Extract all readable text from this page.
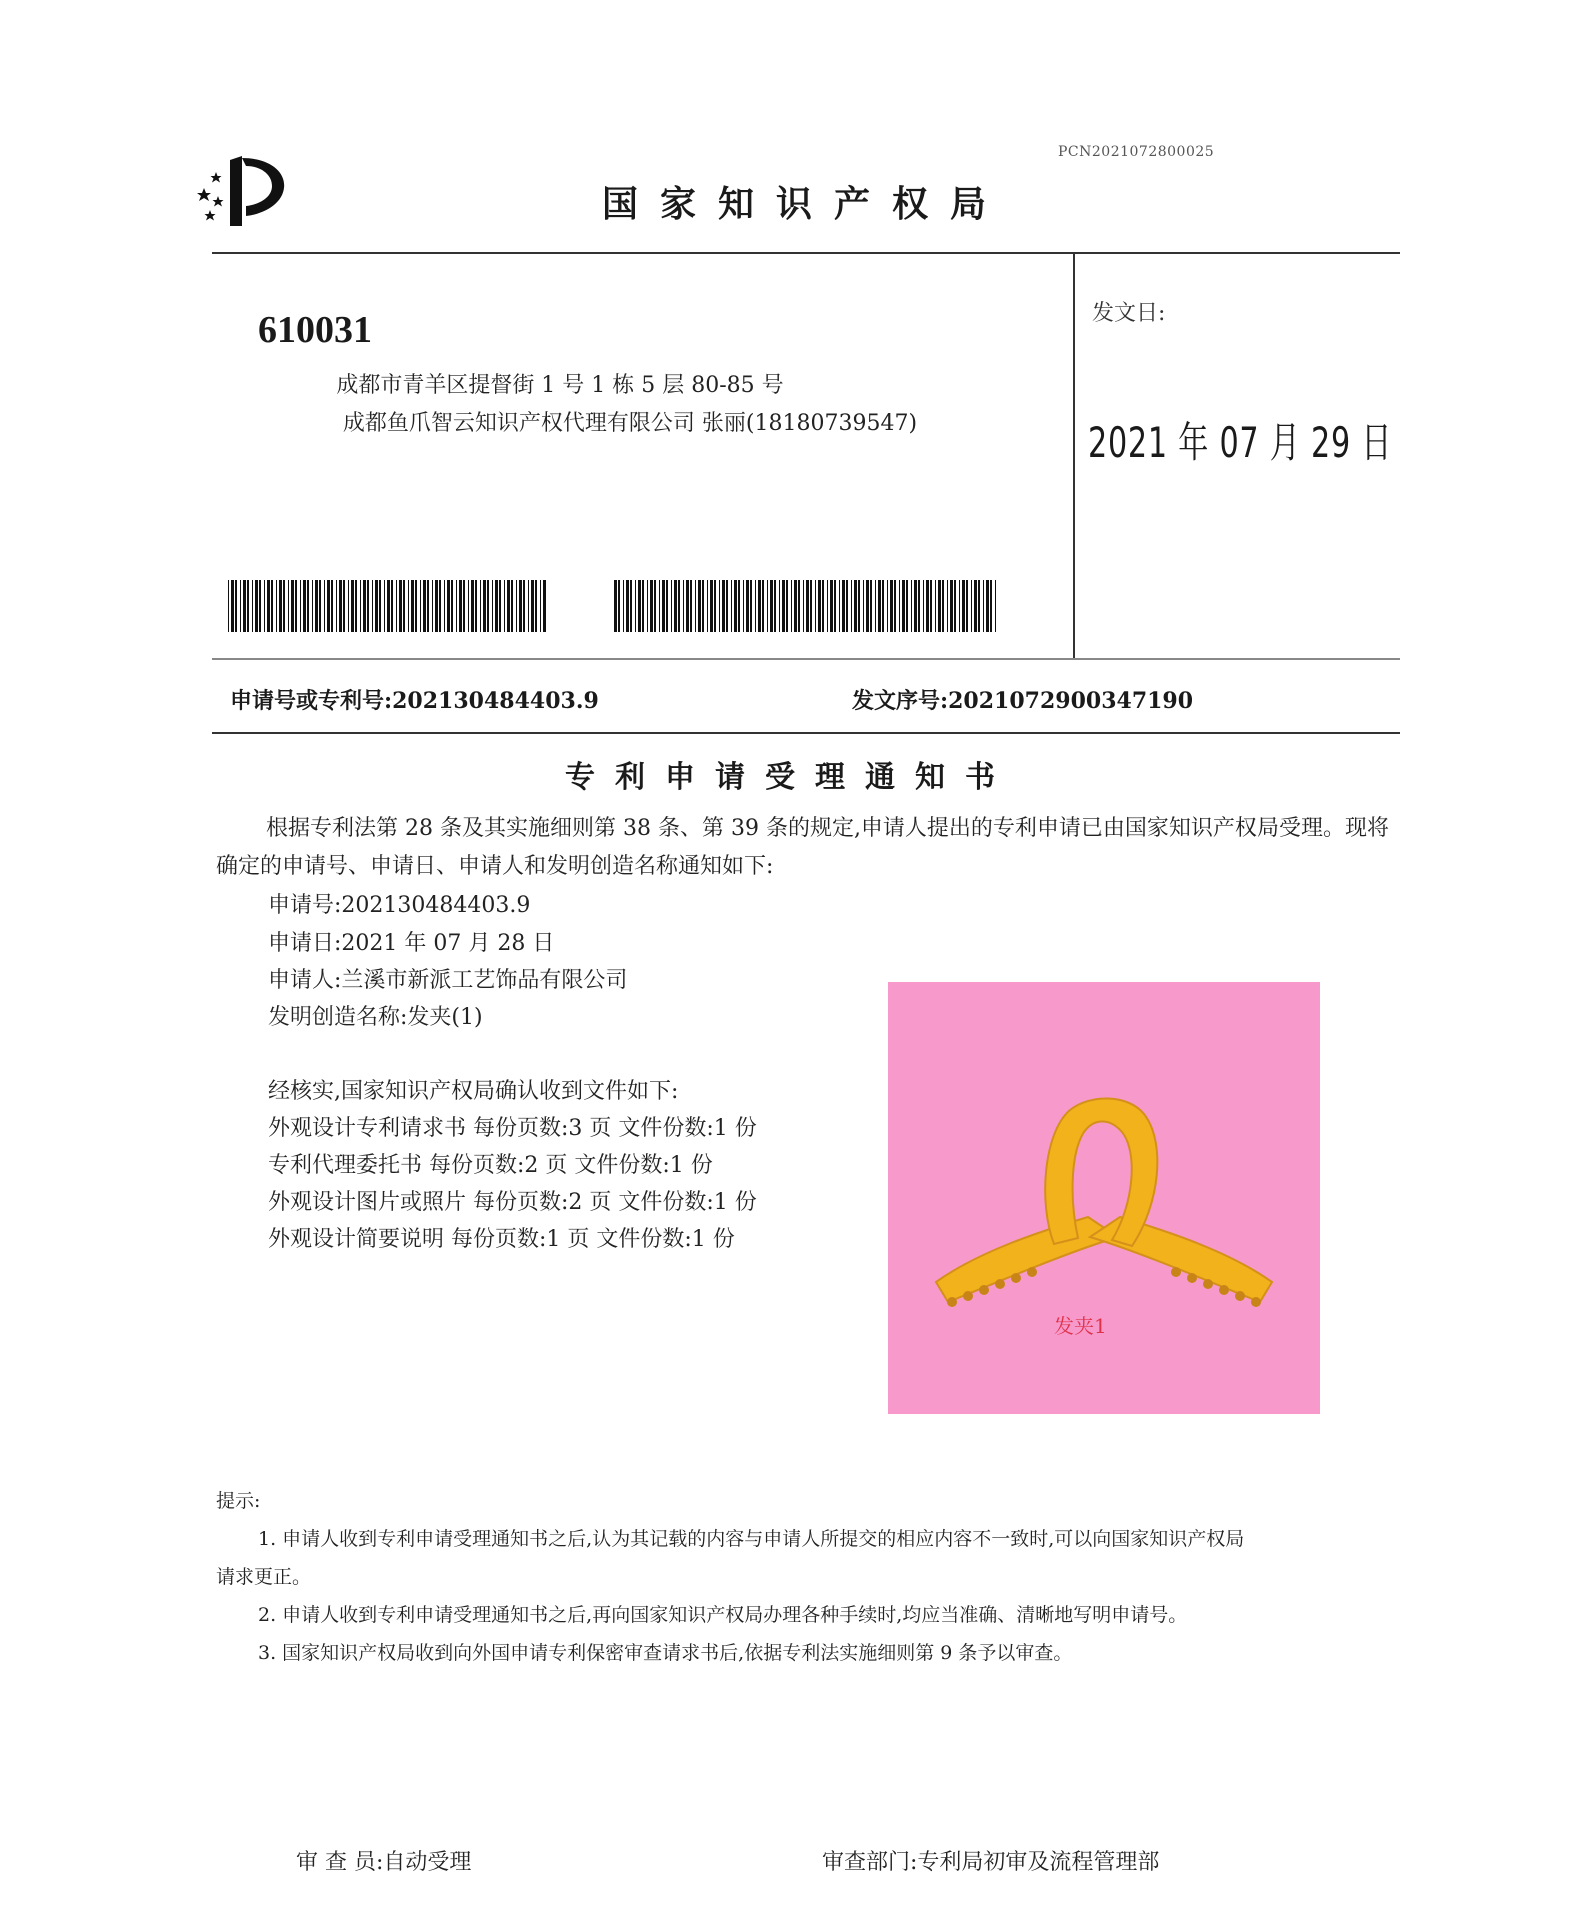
PCN2021072800025
国家知识产权局
610031
成都市青羊区提督街 1 号 1 栋 5 层 80-85 号
成都鱼爪智云知识产权代理有限公司 张丽(18180739547)
发文日:
2021 年 07 月 29 日
申请号或专利号:202130484403.9	发文序号:2021072900347190
专利申请受理通知书
根据专利法第 28 条及其实施细则第 38 条、第 39 条的规定,申请人提出的专利申请已由国家知识产权局受理。现将确定的申请号、申请日、申请人和发明创造名称通知如下:
申请号:202130484403.9
申请日:2021 年 07 月 28 日
申请人:兰溪市新派工艺饰品有限公司
发明创造名称:发夹(1)
经核实,国家知识产权局确认收到文件如下:
外观设计专利请求书 每份页数:3 页 文件份数:1 份
专利代理委托书 每份页数:2 页 文件份数:1 份
外观设计图片或照片 每份页数:2 页 文件份数:1 份
外观设计简要说明 每份页数:1 页 文件份数:1 份
发夹1
提示:
1. 申请人收到专利申请受理通知书之后,认为其记载的内容与申请人所提交的相应内容不一致时,可以向国家知识产权局
请求更正。
2. 申请人收到专利申请受理通知书之后,再向国家知识产权局办理各种手续时,均应当准确、清晰地写明申请号。
3. 国家知识产权局收到向外国申请专利保密审查请求书后,依据专利法实施细则第 9 条予以审查。
审 查 员:自动受理	审查部门:专利局初审及流程管理部
